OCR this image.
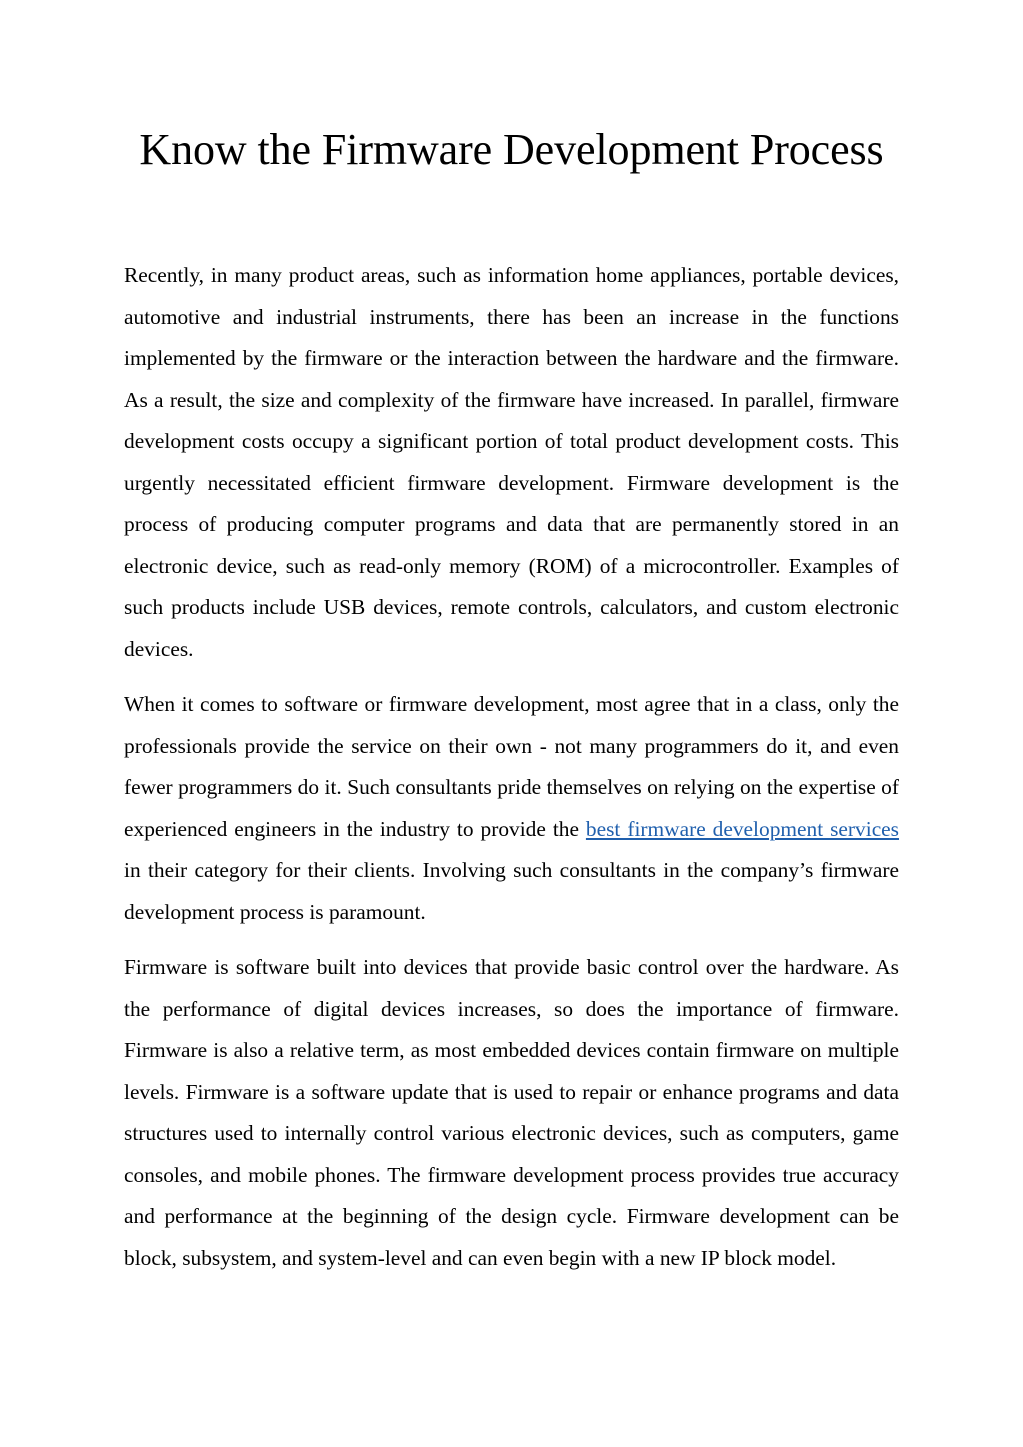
Know the Firmware Development Process

Recently, in many product areas, such as information home appliances, portable devices, automotive and industrial instruments, there has been an increase in the functions implemented by the firmware or the interaction between the hardware and the firmware. As a result, the size and complexity of the firmware have increased. In parallel, firmware development costs occupy a significant portion of total product development costs. This urgently necessitated efficient firmware development. Firmware development is the process of producing computer programs and data that are permanently stored in an electronic device, such as read-only memory (ROM) of a microcontroller. Examples of such products include USB devices, remote controls, calculators, and custom electronic devices.

When it comes to software or firmware development, most agree that in a class, only the professionals provide the service on their own - not many programmers do it, and even fewer programmers do it. Such consultants pride themselves on relying on the expertise of experienced engineers in the industry to provide the best firmware development services in their category for their clients. Involving such consultants in the company’s firmware development process is paramount.

Firmware is software built into devices that provide basic control over the hardware. As the performance of digital devices increases, so does the importance of firmware. Firmware is also a relative term, as most embedded devices contain firmware on multiple levels. Firmware is a software update that is used to repair or enhance programs and data structures used to internally control various electronic devices, such as computers, game consoles, and mobile phones. The firmware development process provides true accuracy and performance at the beginning of the design cycle. Firmware development can be block, subsystem, and system-level and can even begin with a new IP block model.
